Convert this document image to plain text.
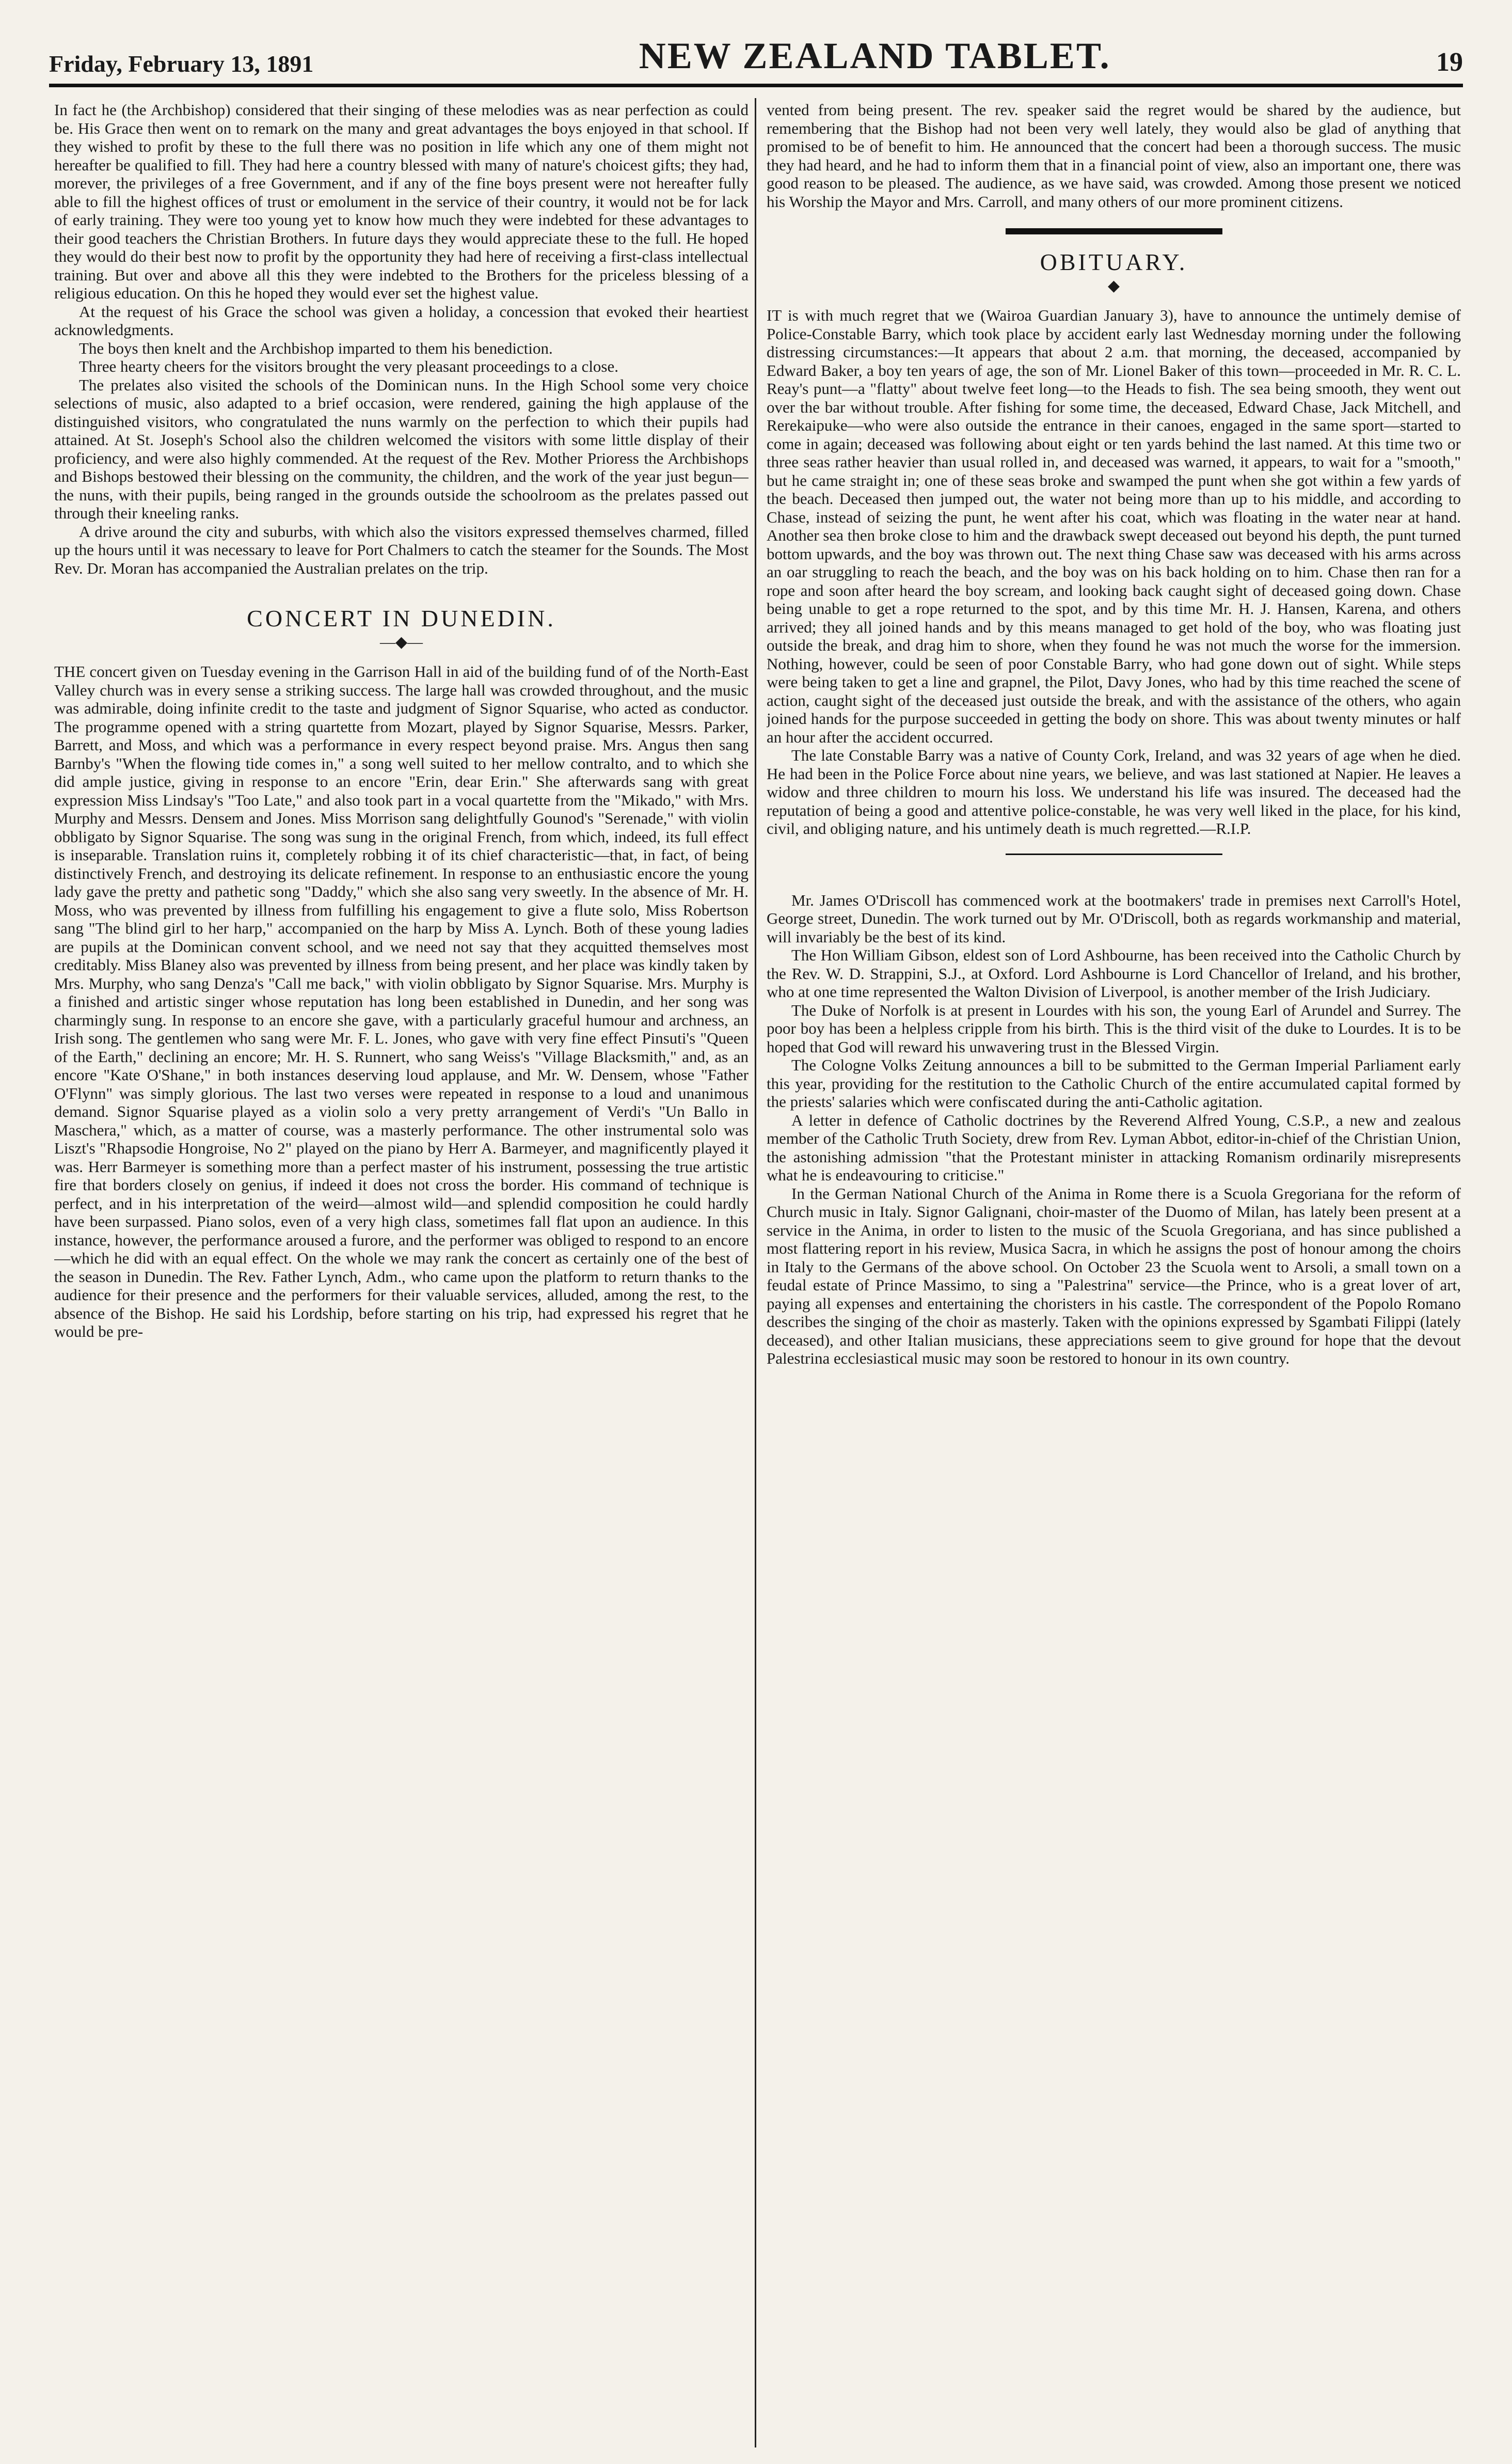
Friday, February 13, 1891	NEW ZEALAND TABLET.	19

In fact he (the Archbishop) considered that their singing of these melodies was as near perfection as could be. His Grace then went on to remark on the many and great advantages the boys enjoyed in that school. If they wished to profit by these to the full there was no position in life which any one of them might not hereafter be qualified to fill. They had here a country blessed with many of nature's choicest gifts; they had, morever, the privileges of a free Government, and if any of the fine boys present were not hereafter fully able to fill the highest offices of trust or emolument in the service of their country, it would not be for lack of early training. They were too young yet to know how much they were indebted for these advantages to their good teachers the Christian Brothers. In future days they would appreciate these to the full. He hoped they would do their best now to profit by the opportunity they had here of receiving a first-class intellectual training. But over and above all this they were indebted to the Brothers for the priceless blessing of a religious education. On this he hoped they would ever set the highest value.

At the request of his Grace the school was given a holiday, a concession that evoked their heartiest acknowledgments.

The boys then knelt and the Archbishop imparted to them his benediction.

Three hearty cheers for the visitors brought the very pleasant proceedings to a close.

The prelates also visited the schools of the Dominican nuns. In the High School some very choice selections of music, also adapted to a brief occasion, were rendered, gaining the high applause of the distinguished visitors, who congratulated the nuns warmly on the perfection to which their pupils had attained. At St. Joseph's School also the children welcomed the visitors with some little display of their proficiency, and were also highly commended. At the request of the Rev. Mother Prioress the Archbishops and Bishops bestowed their blessing on the community, the children, and the work of the year just begun—the nuns, with their pupils, being ranged in the grounds outside the schoolroom as the prelates passed out through their kneeling ranks.

A drive around the city and suburbs, with which also the visitors expressed themselves charmed, filled up the hours until it was necessary to leave for Port Chalmers to catch the steamer for the Sounds. The Most Rev. Dr. Moran has accompanied the Australian prelates on the trip.

CONCERT IN DUNEDIN.
—◆—

THE concert given on Tuesday evening in the Garrison Hall in aid of the building fund of of the North-East Valley church was in every sense a striking success. The large hall was crowded throughout, and the music was admirable, doing infinite credit to the taste and judgment of Signor Squarise, who acted as conductor. The programme opened with a string quartette from Mozart, played by Signor Squarise, Messrs. Parker, Barrett, and Moss, and which was a performance in every respect beyond praise. Mrs. Angus then sang Barnby's "When the flowing tide comes in," a song well suited to her mellow contralto, and to which she did ample justice, giving in response to an encore "Erin, dear Erin." She afterwards sang with great expression Miss Lindsay's "Too Late," and also took part in a vocal quartette from the "Mikado," with Mrs. Murphy and Messrs. Densem and Jones. Miss Morrison sang delightfully Gounod's "Serenade," with violin obbligato by Signor Squarise. The song was sung in the original French, from which, indeed, its full effect is inseparable. Translation ruins it, completely robbing it of its chief characteristic—that, in fact, of being distinctively French, and destroying its delicate refinement. In response to an enthusiastic encore the young lady gave the pretty and pathetic song "Daddy," which she also sang very sweetly. In the absence of Mr. H. Moss, who was prevented by illness from fulfilling his engagement to give a flute solo, Miss Robertson sang "The blind girl to her harp," accompanied on the harp by Miss A. Lynch. Both of these young ladies are pupils at the Dominican convent school, and we need not say that they acquitted themselves most creditably. Miss Blaney also was prevented by illness from being present, and her place was kindly taken by Mrs. Murphy, who sang Denza's "Call me back," with violin obbligato by Signor Squarise. Mrs. Murphy is a finished and artistic singer whose reputation has long been established in Dunedin, and her song was charmingly sung. In response to an encore she gave, with a particularly graceful humour and archness, an Irish song. The gentlemen who sang were Mr. F. L. Jones, who gave with very fine effect Pinsuti's "Queen of the Earth," declining an encore; Mr. H. S. Runnert, who sang Weiss's "Village Blacksmith," and, as an encore "Kate O'Shane," in both instances deserving loud applause, and Mr. W. Densem, whose "Father O'Flynn" was simply glorious. The last two verses were repeated in response to a loud and unanimous demand. Signor Squarise played as a violin solo a very pretty arrangement of Verdi's "Un Ballo in Maschera," which, as a matter of course, was a masterly performance. The other instrumental solo was Liszt's "Rhapsodie Hongroise, No 2" played on the piano by Herr A. Barmeyer, and magnificently played it was. Herr Barmeyer is something more than a perfect master of his instrument, possessing the true artistic fire that borders closely on genius, if indeed it does not cross the border. His command of technique is perfect, and in his interpretation of the weird—almost wild—and splendid composition he could hardly have been surpassed. Piano solos, even of a very high class, sometimes fall flat upon an audience. In this instance, however, the performance aroused a furore, and the performer was obliged to respond to an encore—which he did with an equal effect. On the whole we may rank the concert as certainly one of the best of the season in Dunedin. The Rev. Father Lynch, Adm., who came upon the platform to return thanks to the audience for their presence and the performers for their valuable services, alluded, among the rest, to the absence of the Bishop. He said his Lordship, before starting on his trip, had expressed his regret that he would be pre-

vented from being present. The rev. speaker said the regret would be shared by the audience, but remembering that the Bishop had not been very well lately, they would also be glad of anything that promised to be of benefit to him. He announced that the concert had been a thorough success. The music they had heard, and he had to inform them that in a financial point of view, also an important one, there was good reason to be pleased. The audience, as we have said, was crowded. Among those present we noticed his Worship the Mayor and Mrs. Carroll, and many others of our more prominent citizens.

OBITUARY.
◆

IT is with much regret that we (Wairoa Guardian January 3), have to announce the untimely demise of Police-Constable Barry, which took place by accident early last Wednesday morning under the following distressing circumstances:—It appears that about 2 a.m. that morning, the deceased, accompanied by Edward Baker, a boy ten years of age, the son of Mr. Lionel Baker of this town—proceeded in Mr. R. C. L. Reay's punt—a "flatty" about twelve feet long—to the Heads to fish. The sea being smooth, they went out over the bar without trouble. After fishing for some time, the deceased, Edward Chase, Jack Mitchell, and Rerekaipuke—who were also outside the entrance in their canoes, engaged in the same sport—started to come in again; deceased was following about eight or ten yards behind the last named. At this time two or three seas rather heavier than usual rolled in, and deceased was warned, it appears, to wait for a "smooth," but he came straight in; one of these seas broke and swamped the punt when she got within a few yards of the beach. Deceased then jumped out, the water not being more than up to his middle, and according to Chase, instead of seizing the punt, he went after his coat, which was floating in the water near at hand. Another sea then broke close to him and the drawback swept deceased out beyond his depth, the punt turned bottom upwards, and the boy was thrown out. The next thing Chase saw was deceased with his arms across an oar struggling to reach the beach, and the boy was on his back holding on to him. Chase then ran for a rope and soon after heard the boy scream, and looking back caught sight of deceased going down. Chase being unable to get a rope returned to the spot, and by this time Mr. H. J. Hansen, Karena, and others arrived; they all joined hands and by this means managed to get hold of the boy, who was floating just outside the break, and drag him to shore, when they found he was not much the worse for the immersion. Nothing, however, could be seen of poor Constable Barry, who had gone down out of sight. While steps were being taken to get a line and grapnel, the Pilot, Davy Jones, who had by this time reached the scene of action, caught sight of the deceased just outside the break, and with the assistance of the others, who again joined hands for the purpose succeeded in getting the body on shore. This was about twenty minutes or half an hour after the accident occurred.

The late Constable Barry was a native of County Cork, Ireland, and was 32 years of age when he died. He had been in the Police Force about nine years, we believe, and was last stationed at Napier. He leaves a widow and three children to mourn his loss. We understand his life was insured. The deceased had the reputation of being a good and attentive police-constable, he was very well liked in the place, for his kind, civil, and obliging nature, and his untimely death is much regretted.—R.I.P.

Mr. James O'Driscoll has commenced work at the bootmakers' trade in premises next Carroll's Hotel, George street, Dunedin. The work turned out by Mr. O'Driscoll, both as regards workmanship and material, will invariably be the best of its kind.

The Hon William Gibson, eldest son of Lord Ashbourne, has been received into the Catholic Church by the Rev. W. D. Strappini, S.J., at Oxford. Lord Ashbourne is Lord Chancellor of Ireland, and his brother, who at one time represented the Walton Division of Liverpool, is another member of the Irish Judiciary.

The Duke of Norfolk is at present in Lourdes with his son, the young Earl of Arundel and Surrey. The poor boy has been a helpless cripple from his birth. This is the third visit of the duke to Lourdes. It is to be hoped that God will reward his unwavering trust in the Blessed Virgin.

The Cologne Volks Zeitung announces a bill to be submitted to the German Imperial Parliament early this year, providing for the restitution to the Catholic Church of the entire accumulated capital formed by the priests' salaries which were confiscated during the anti-Catholic agitation.

A letter in defence of Catholic doctrines by the Reverend Alfred Young, C.S.P., a new and zealous member of the Catholic Truth Society, drew from Rev. Lyman Abbot, editor-in-chief of the Christian Union, the astonishing admission "that the Protestant minister in attacking Romanism ordinarily misrepresents what he is endeavouring to criticise."

In the German National Church of the Anima in Rome there is a Scuola Gregoriana for the reform of Church music in Italy. Signor Galignani, choir-master of the Duomo of Milan, has lately been present at a service in the Anima, in order to listen to the music of the Scuola Gregoriana, and has since published a most flattering report in his review, Musica Sacra, in which he assigns the post of honour among the choirs in Italy to the Germans of the above school. On October 23 the Scuola went to Arsoli, a small town on a feudal estate of Prince Massimo, to sing a "Palestrina" service—the Prince, who is a great lover of art, paying all expenses and entertaining the choristers in his castle. The correspondent of the Popolo Romano describes the singing of the choir as masterly. Taken with the opinions expressed by Sgambati Filippi (lately deceased), and other Italian musicians, these appreciations seem to give ground for hope that the devout Palestrina ecclesiastical music may soon be restored to honour in its own country.
